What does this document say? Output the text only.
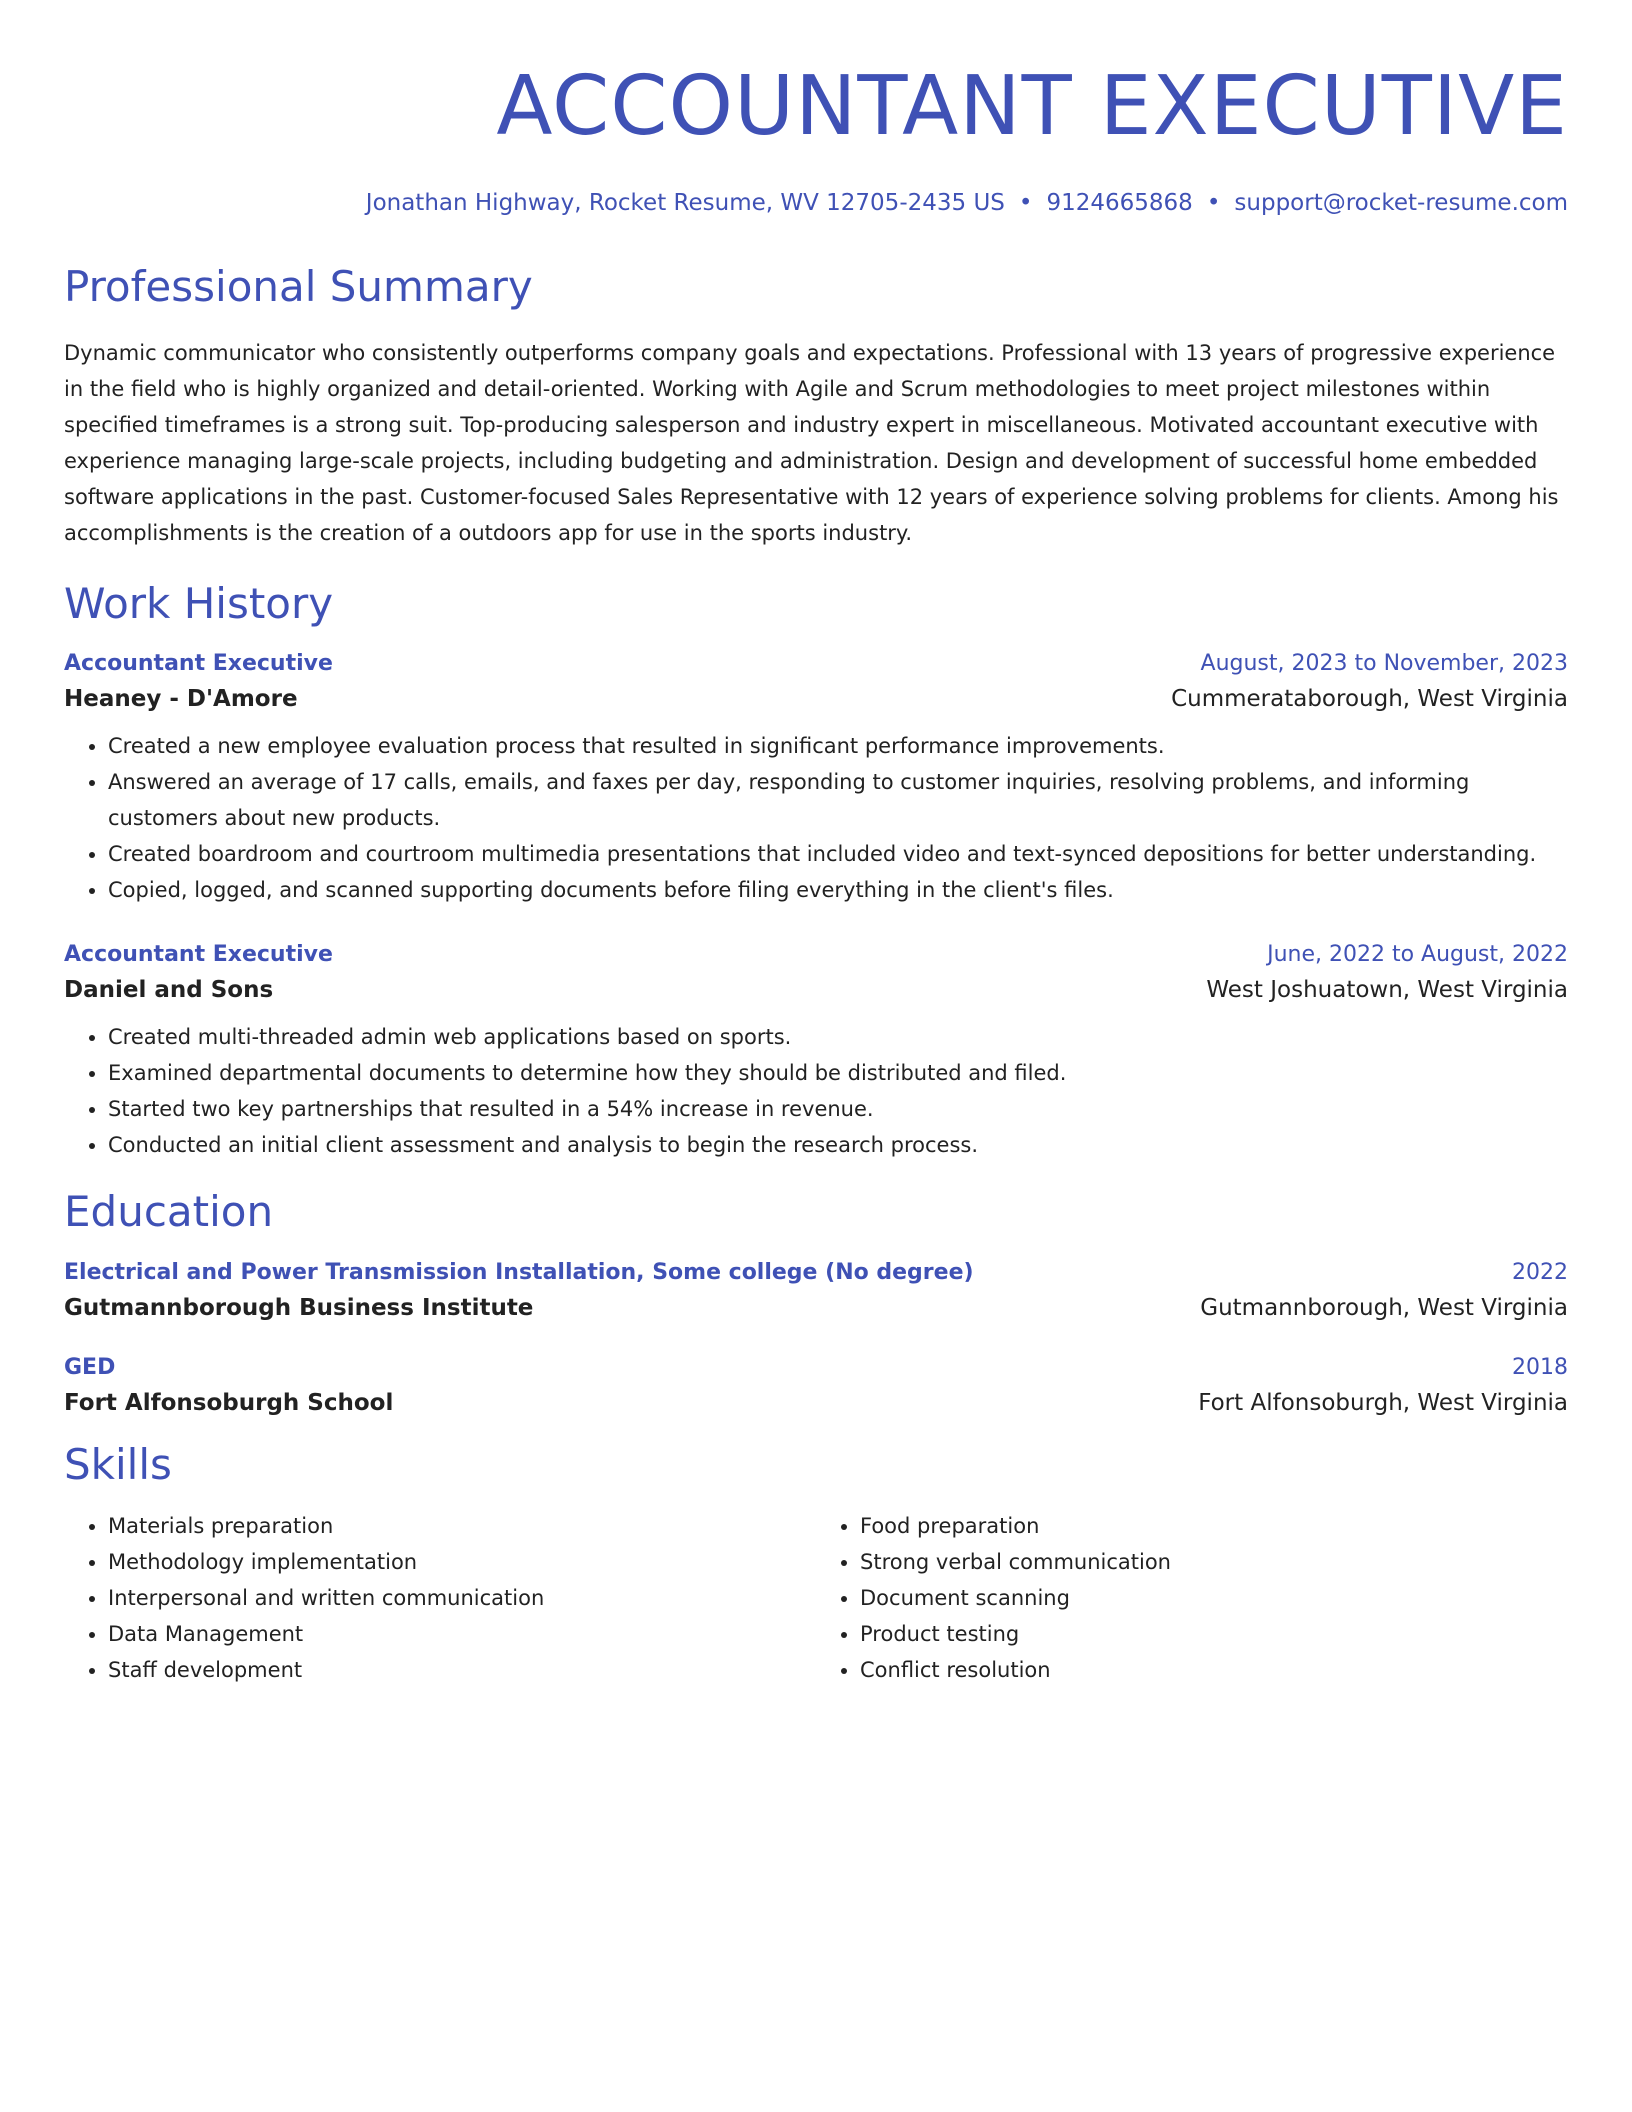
ACCOUNTANT EXECUTIVE
Jonathan Highway, Rocket Resume, WV 12705-2435 US • 9124665868 • support@rocket-resume.com
Professional Summary

Dynamic communicator who consistently outperforms company goals and expectations. Professional with 13 years of progressive experience in the field who is highly organized and detail-oriented. Working with Agile and Scrum methodologies to meet project milestones within specified timeframes is a strong suit. Top-producing salesperson and industry expert in miscellaneous. Motivated accountant executive with experience managing large-scale projects, including budgeting and administration. Design and development of successful home embedded software applications in the past. Customer-focused Sales Representative with 12 years of experience solving problems for clients. Among his accomplishments is the creation of a outdoors app for use in the sports industry.

Work History
Accountant Executive	August, 2023 to November, 2023
Heaney - D'Amore	Cummerataborough, West Virginia
• Created a new employee evaluation process that resulted in significant performance improvements.
• Answered an average of 17 calls, emails, and faxes per day, responding to customer inquiries, resolving problems, and informing customers about new products.
• Created boardroom and courtroom multimedia presentations that included video and text-synced depositions for better understanding.
• Copied, logged, and scanned supporting documents before filing everything in the client's files.
Accountant Executive	June, 2022 to August, 2022
Daniel and Sons	West Joshuatown, West Virginia
• Created multi-threaded admin web applications based on sports.
• Examined departmental documents to determine how they should be distributed and filed.
• Started two key partnerships that resulted in a 54% increase in revenue.
• Conducted an initial client assessment and analysis to begin the research process.
Education
Electrical and Power Transmission Installation, Some college (No degree)	2022
Gutmannborough Business Institute	Gutmannborough, West Virginia
GED	2018
Fort Alfonsoburgh School	Fort Alfonsoburgh, West Virginia
Skills
• Materials preparation
• Methodology implementation
• Interpersonal and written communication
• Data Management
• Staff development
• Food preparation
• Strong verbal communication
• Document scanning
• Product testing
• Conflict resolution
